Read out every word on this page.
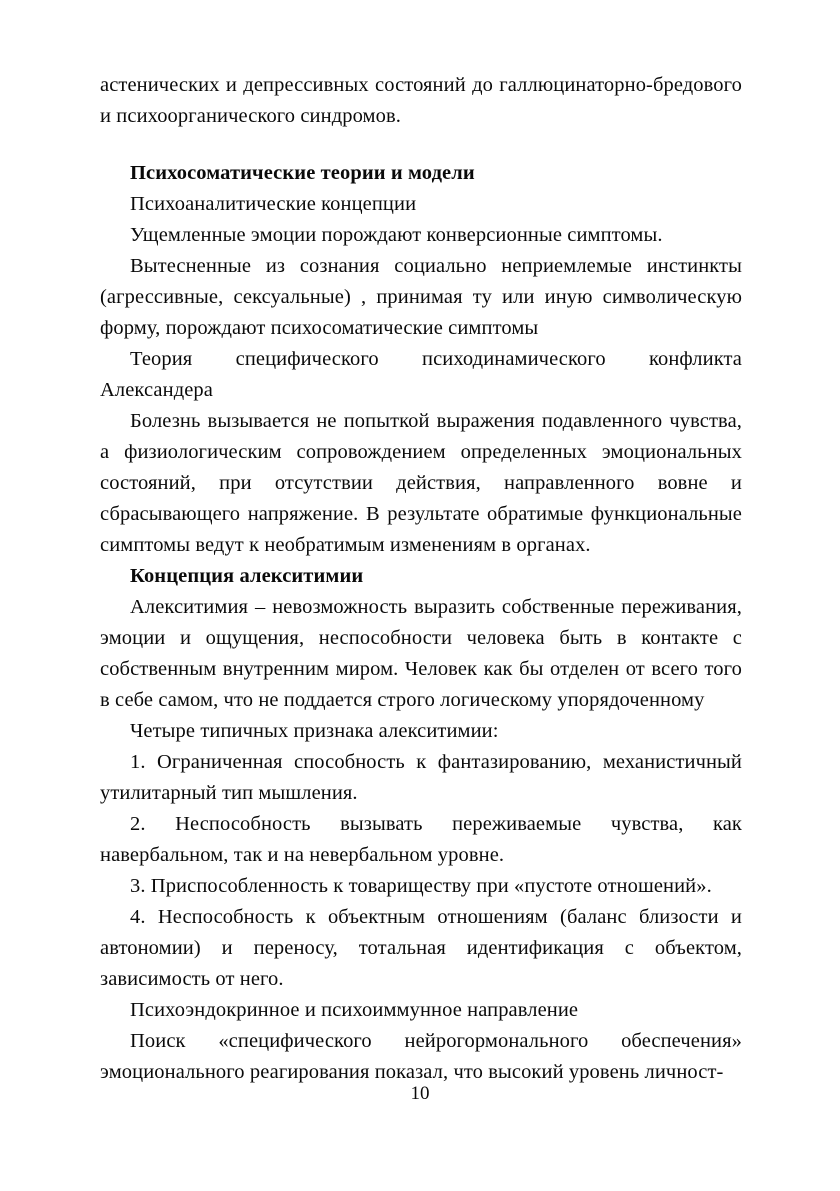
астенических и депрессивных состояний до галлюцинаторно-бредового и психоорганического синдромов.

Психосоматические теории и модели

Психоаналитические концепции

Ущемленные эмоции порождают конверсионные симптомы.

Вытесненные из сознания социально неприемлемые инстинкты (агрессивные, сексуальные) , принимая ту или иную символическую форму, порождают психосоматические симптомы

Теория специфического психодинамического конфликта Александера

Болезнь вызывается не попыткой выражения подавленного чувства, а физиологическим сопровождением определенных эмоциональных состояний, при отсутствии действия, направленного вовне и сбрасывающего напряжение. В результате обратимые функциональные симптомы ведут к необратимым изменениям в органах.

Концепция алекситимии

Алекситимия – невозможность выразить собственные переживания, эмоции и ощущения, неспособности человека быть в контакте с собственным внутренним миром. Человек как бы отделен от всего того в себе самом, что не поддается строго логическому упорядоченному

Четыре типичных признака алекситимии:

1. Ограниченная способность к фантазированию, механистичный утилитарный тип мышления.

2. Неспособность вызывать переживаемые чувства, как навербальном, так и на невербальном уровне.

3. Приспособленность к товариществу при «пустоте отношений».

4. Неспособность к объектным отношениям (баланс близости и автономии) и переносу, тотальная идентификация с объектом, зависимость от него.

Психоэндокринное и психоиммунное направление

Поиск «специфического нейрогормонального обеспечения» эмоционального реагирования показал, что высокий уровень личност-

10
